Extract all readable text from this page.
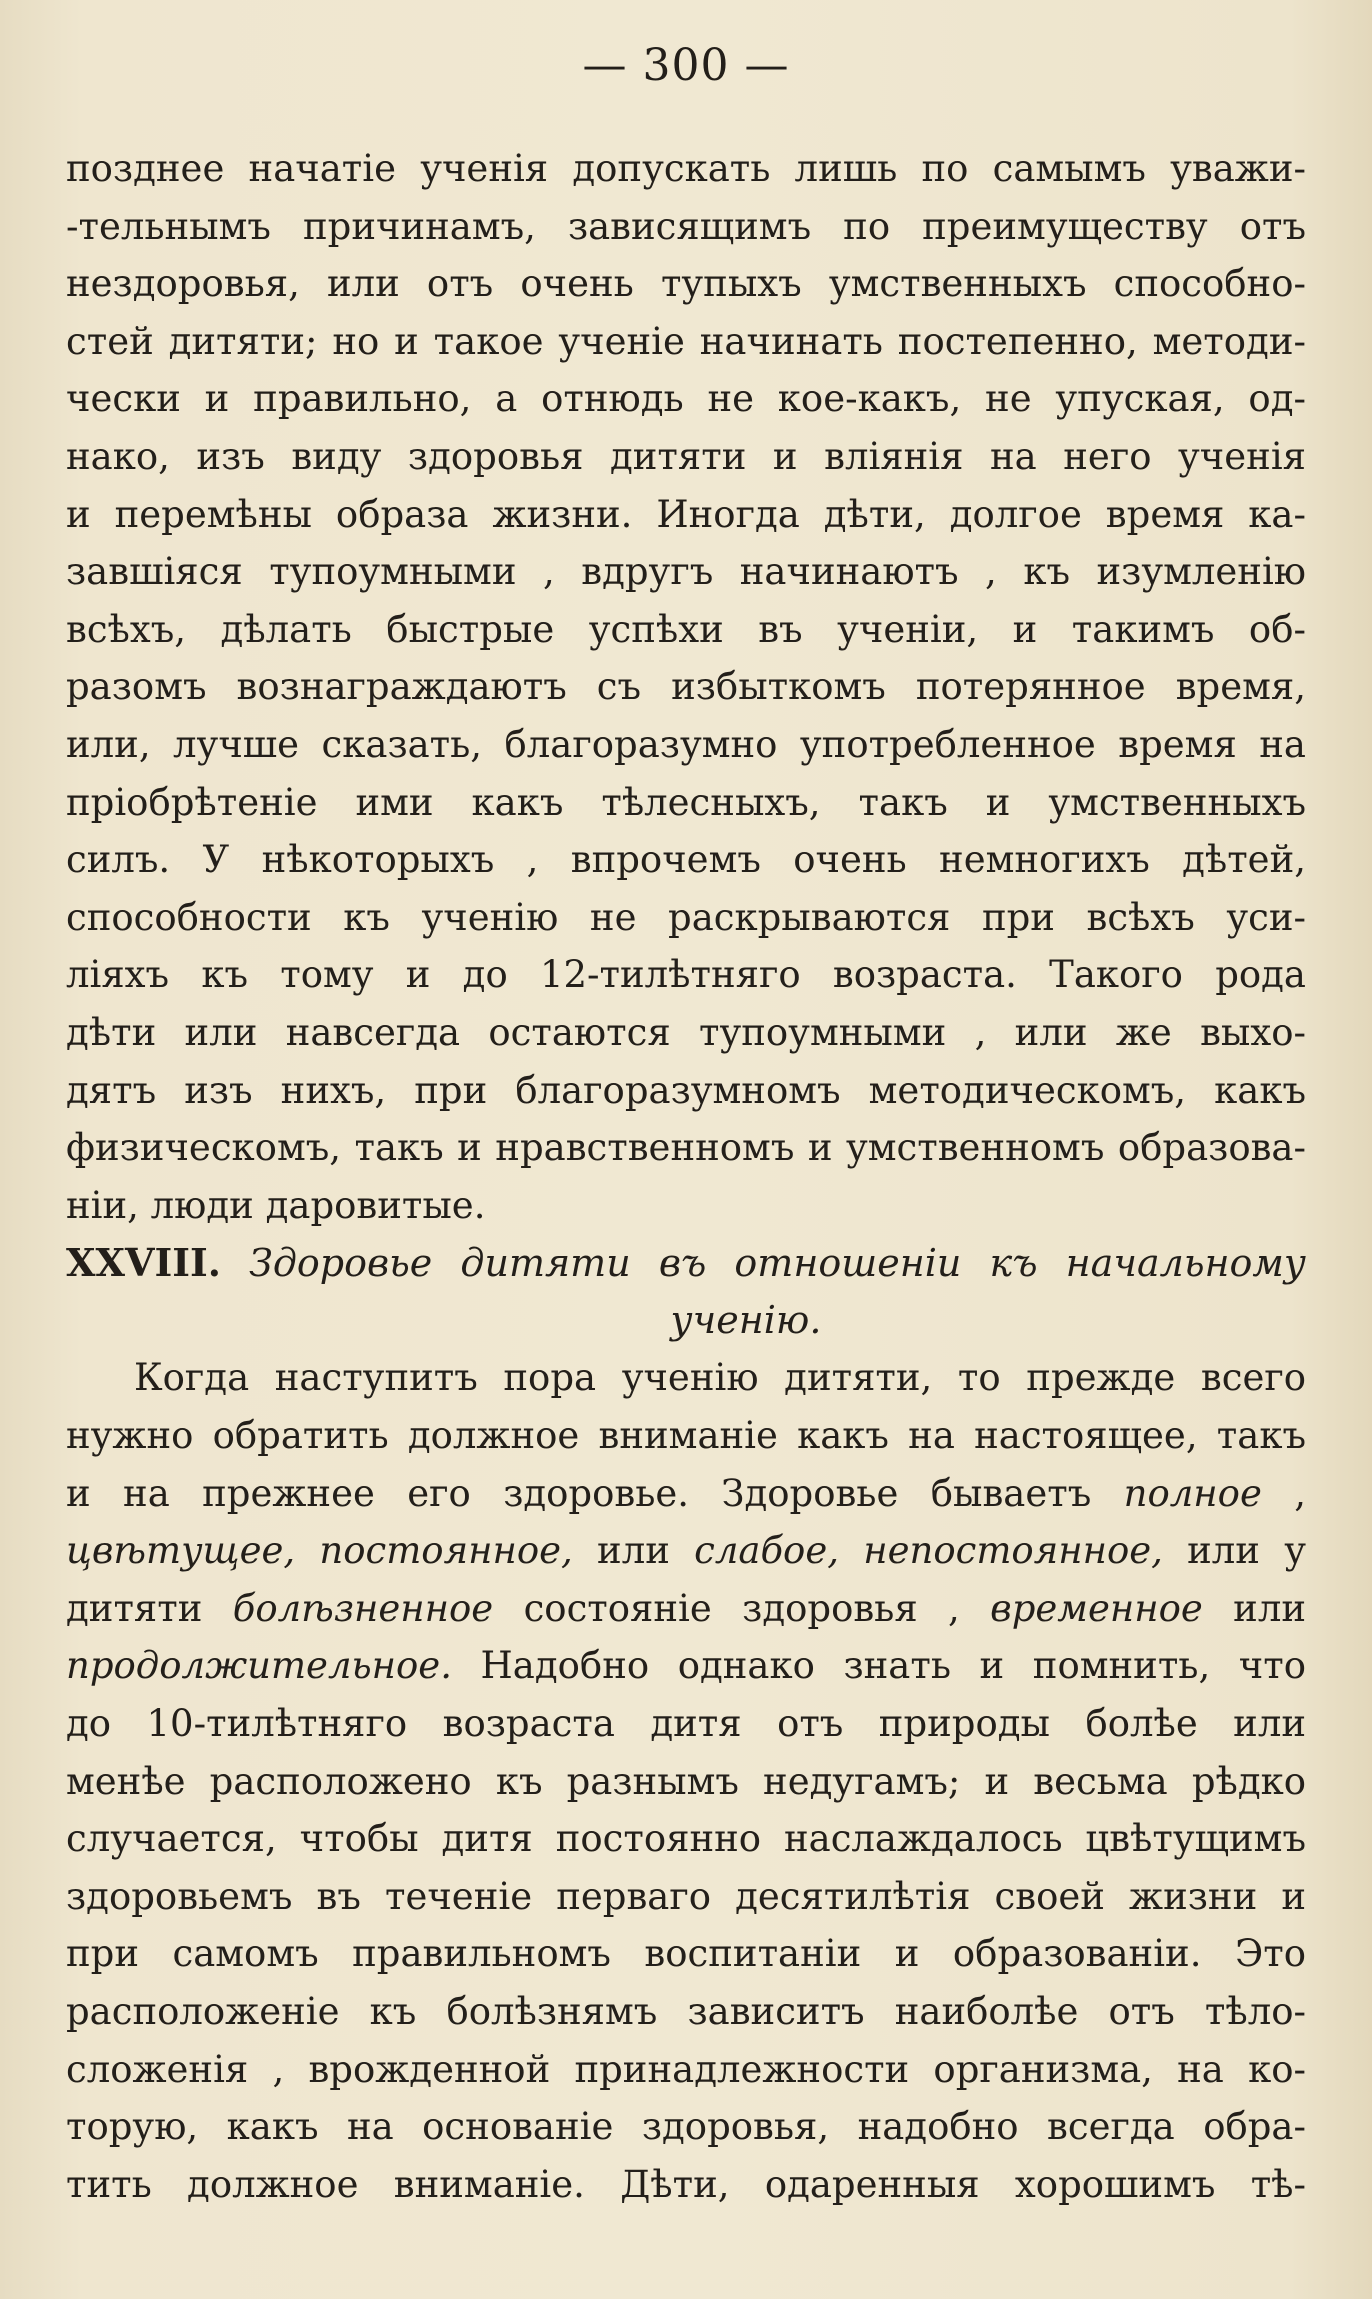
— 300 —
позднее начатіе ученія допускать лишь по самымъ уважи-
-тельнымъ причинамъ, зависящимъ по преимуществу отъ
нездоровья, или отъ очень тупыхъ умственныхъ способно-
стей дитяти; но и такое ученіе начинать постепенно, методи-
чески и правильно, а отнюдь не кое-какъ, не упуская, од-
нако, изъ виду здоровья дитяти и вліянія на него ученія
и перемѣны образа жизни. Иногда дѣти, долгое время ка-
завшіяся тупоумными , вдругъ начинаютъ , къ изумленію
всѣхъ, дѣлать быстрые успѣхи въ ученіи, и такимъ об-
разомъ вознаграждаютъ съ избыткомъ потерянное время,
или, лучше сказать, благоразумно употребленное время на
пріобрѣтеніе ими какъ тѣлесныхъ, такъ и умственныхъ
силъ. У нѣкоторыхъ , впрочемъ очень немногихъ дѣтей,
способности къ ученію не раскрываются при всѣхъ уси-
ліяхъ къ тому и до 12-тилѣтняго возраста. Такого рода
дѣти или навсегда остаются тупоумными , или же выхо-
дятъ изъ нихъ, при благоразумномъ методическомъ, какъ
физическомъ, такъ и нравственномъ и умственномъ образова-
ніи, люди даровитые.
XXVIII. Здоровье дитяти въ отношеніи къ начальному
ученію.
Когда наступитъ пора ученію дитяти, то прежде всего
нужно обратить должное вниманіе какъ на настоящее, такъ
и на прежнее его здоровье. Здоровье бываетъ полное ,
цвѣтущее, постоянное, или слабое, непостоянное, или у
дитяти болѣзненное состояніе здоровья , временное или
продолжительное. Надобно однако знать и помнить, что
до 10-тилѣтняго возраста дитя отъ природы болѣе или
менѣе расположено къ разнымъ недугамъ; и весьма рѣдко
случается, чтобы дитя постоянно наслаждалось цвѣтущимъ
здоровьемъ въ теченіе перваго десятилѣтія своей жизни и
при самомъ правильномъ воспитаніи и образованіи. Это
расположеніе къ болѣзнямъ зависитъ наиболѣе отъ тѣло-
сложенія , врожденной принадлежности организма, на ко-
торую, какъ на основаніе здоровья, надобно всегда обра-
тить должное вниманіе. Дѣти, одаренныя хорошимъ тѣ-
